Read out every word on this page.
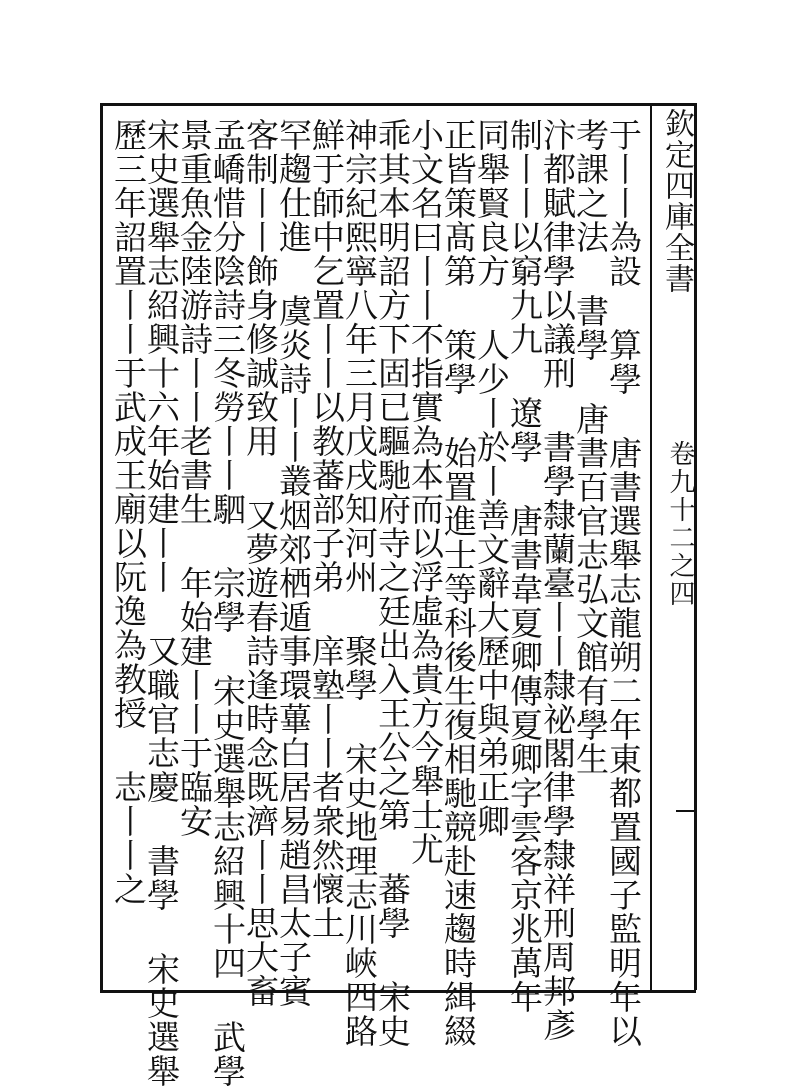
欽定四庫全書
卷九十二之四
于丨丨為設 算學 唐書選舉志龍朔二年東都置國子監明年以
考課之法 書學 唐書百官志弘文館有學生
汴都賦律學以議刑 書學隸蘭臺丨丨隸祕閣律學隸祥刑周邦彥
制丨丨以窮九九 遼學 唐書韋夏卿傳夏卿字雲客京兆萬年
同舉賢良方 人少丨於丨善文辭大歷中與弟正卿
正皆策髙第 策學 始置進士等科後生復相馳競赴速趨時緝綴
小文名曰丨丨不指實為本而以浮虛為貴方今舉士尤
乖其本明詔方下固已驅馳府寺之廷出入王公之第 蕃學 宋史
神宗紀熙寧八年三月戊戌知河州 聚學 宋史地理志川峽四路
鮮于師中乞置丨丨以教蕃部子弟 庠塾丨丨者衆然懷土
罕趨仕進 虞炎詩丨丨叢烟郊栖遁事環蓽白居易趙昌太子賓
客制丨丨飾身修誠致用 又夢遊春詩逢時念既濟丨丨思大畜
孟嶠惜分陰詩三冬勞丨丨駟 宗學 宋史選舉志紹興十四 武學
景重魚金陸游詩丨丨老書生 年始建丨丨于臨安
宋史選舉志紹興十六年始建丨丨 又職官志慶 書學 宋史選舉
歷三年詔置丨丨于武成王廟以阮逸為教授 志丨丨之
